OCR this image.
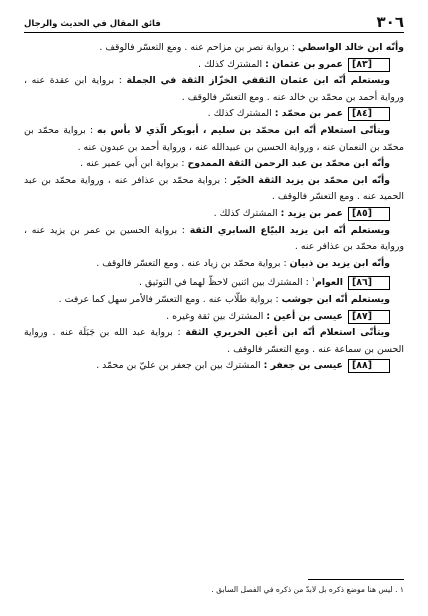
٣٠٦
فائق المقال في الحديث والرجال

وأنّه ابن خالد الواسطي : برواية نصر بن مزاحم عنه . ومع التعسّر فالوقف .

[٨٣] عمرو بن عثمان : المشترك كذلك .

ويستعلم أنّه ابن عثمان الثقفي الخزّاز الثقة في الجملة : برواية ابن عقدة عنه ، ورواية أحمد بن محمّد بن خالد عنه . ومع التعسّر فالوقف .

[٨٤] عمر بن محمّد : المشترك كذلك .

ويتأتّى استعلام أنّه ابن محمّد بن سليم ، أبوبكر الّذي لا بأس به : برواية محمّد بن محمّد بن النعمان عنه ، ورواية الحسين بن عبيدالله عنه ، ورواية أحمد بن عبدون عنه .

وأنّه ابن محمّد بن عبد الرحمن الثقة الممدوح : برواية ابن أبي عمير عنه .

وأنّه ابن محمّد بن يزيد الثقة الخيّر : برواية محمّد بن عذافر عنه ، ورواية محمّد بن عبد الحميد عنه . ومع التعسّر فالوقف .

[٨٥] عمر بن يزيد : المشترك كذلك .

ويستعلم أنّه ابن يزيد البيّاع السابري الثقة : برواية الحسين بن عمر بن يزيد عنه ، ورواية محمّد بن عذافر عنه .

وأنّه ابن يزيد بن ذبيان : برواية محمّد بن زياد عنه . ومع التعسّر فالوقف .

[٨٦] العوام$^١$ : المشترك بين اثنين لاحظّ لهما في التوثيق .

ويستعلم أنّه ابن جوشب : برواية طلّاب عنه . ومع التعسّر فالأمر سهل كما عرفت .

[٨٧] عيسى بن أعين : المشترك بين ثقة وغيره .

ويتأتّى استعلام أنّه ابن أعين الحريري الثقة : برواية عبد الله بن جَبَلَة عنه . ورواية الحسن بن سماعة عنه . ومع التعسّر فالوقف .

[٨٨] عيسى بن جعفر : المشترك بين ابن جعفر بن عليّ بن محمّد .

١ . ليس هنا موضع ذكره بل لابدّ من ذكره في الفصل السابق .
